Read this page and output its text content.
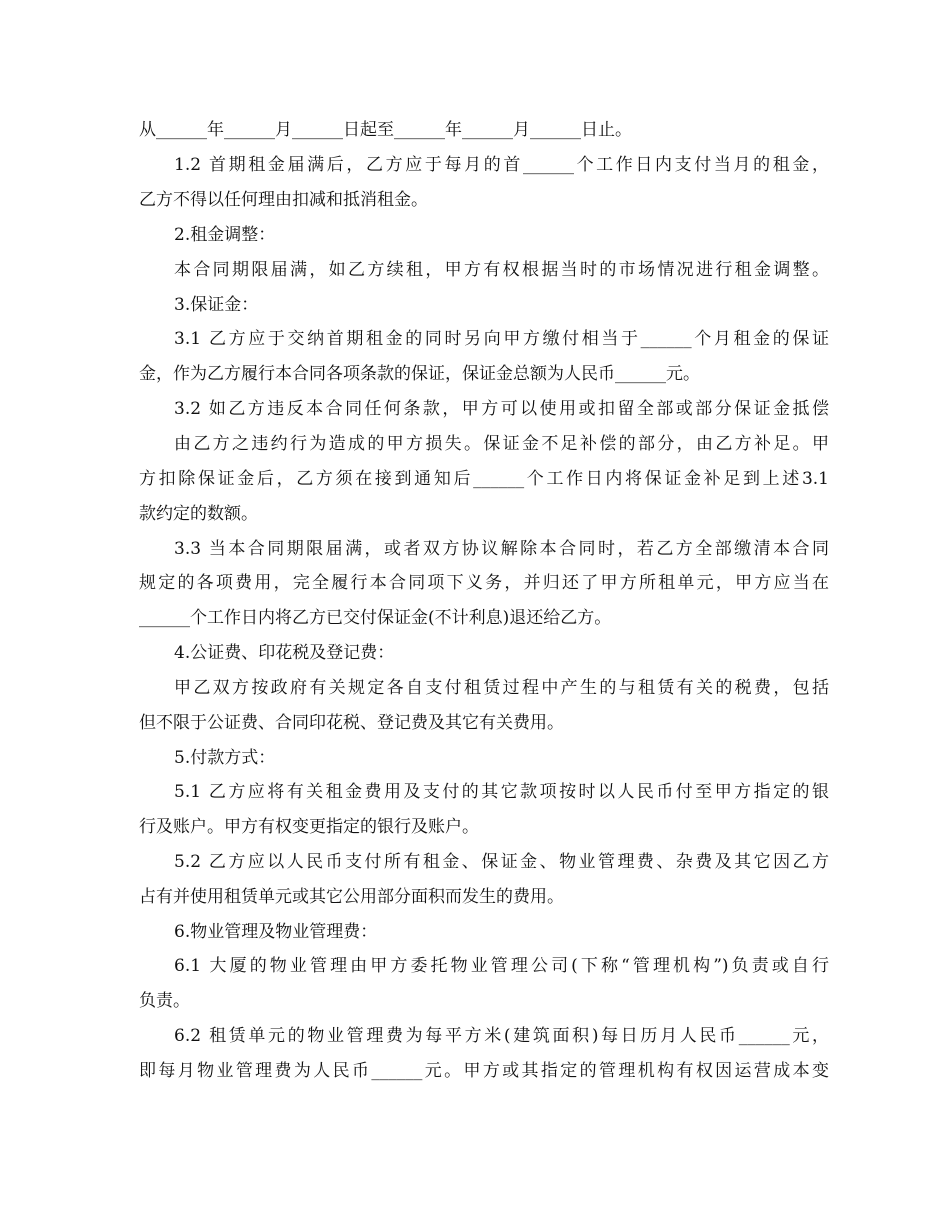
从______年______月______日起至______年______月______日止。
1.2 首期租金届满后，乙方应于每月的首______个工作日内支付当月的租金，
乙方不得以任何理由扣减和抵消租金。
2.租金调整：
本合同期限届满，如乙方续租，甲方有权根据当时的市场情况进行租金调整。
3.保证金：
3.1 乙方应于交纳首期租金的同时另向甲方缴付相当于______个月租金的保证
金，作为乙方履行本合同各项条款的保证，保证金总额为人民币______元。
3.2 如乙方违反本合同任何条款，甲方可以使用或扣留全部或部分保证金抵偿
由乙方之违约行为造成的甲方损失。保证金不足补偿的部分，由乙方补足。甲
方扣除保证金后，乙方须在接到通知后______个工作日内将保证金补足到上述3.1
款约定的数额。
3.3 当本合同期限届满，或者双方协议解除本合同时，若乙方全部缴清本合同
规定的各项费用，完全履行本合同项下义务，并归还了甲方所租单元，甲方应当在
______个工作日内将乙方已交付保证金(不计利息)退还给乙方。
4.公证费、印花税及登记费：
甲乙双方按政府有关规定各自支付租赁过程中产生的与租赁有关的税费，包括
但不限于公证费、合同印花税、登记费及其它有关费用。
5.付款方式：
5.1 乙方应将有关租金费用及支付的其它款项按时以人民币付至甲方指定的银
行及账户。甲方有权变更指定的银行及账户。
5.2 乙方应以人民币支付所有租金、保证金、物业管理费、杂费及其它因乙方
占有并使用租赁单元或其它公用部分面积而发生的费用。
6.物业管理及物业管理费：
6.1 大厦的物业管理由甲方委托物业管理公司(下称“管理机构”)负责或自行
负责。
6.2 租赁单元的物业管理费为每平方米(建筑面积)每日历月人民币______元，
即每月物业管理费为人民币______元。甲方或其指定的管理机构有权因运营成本变
